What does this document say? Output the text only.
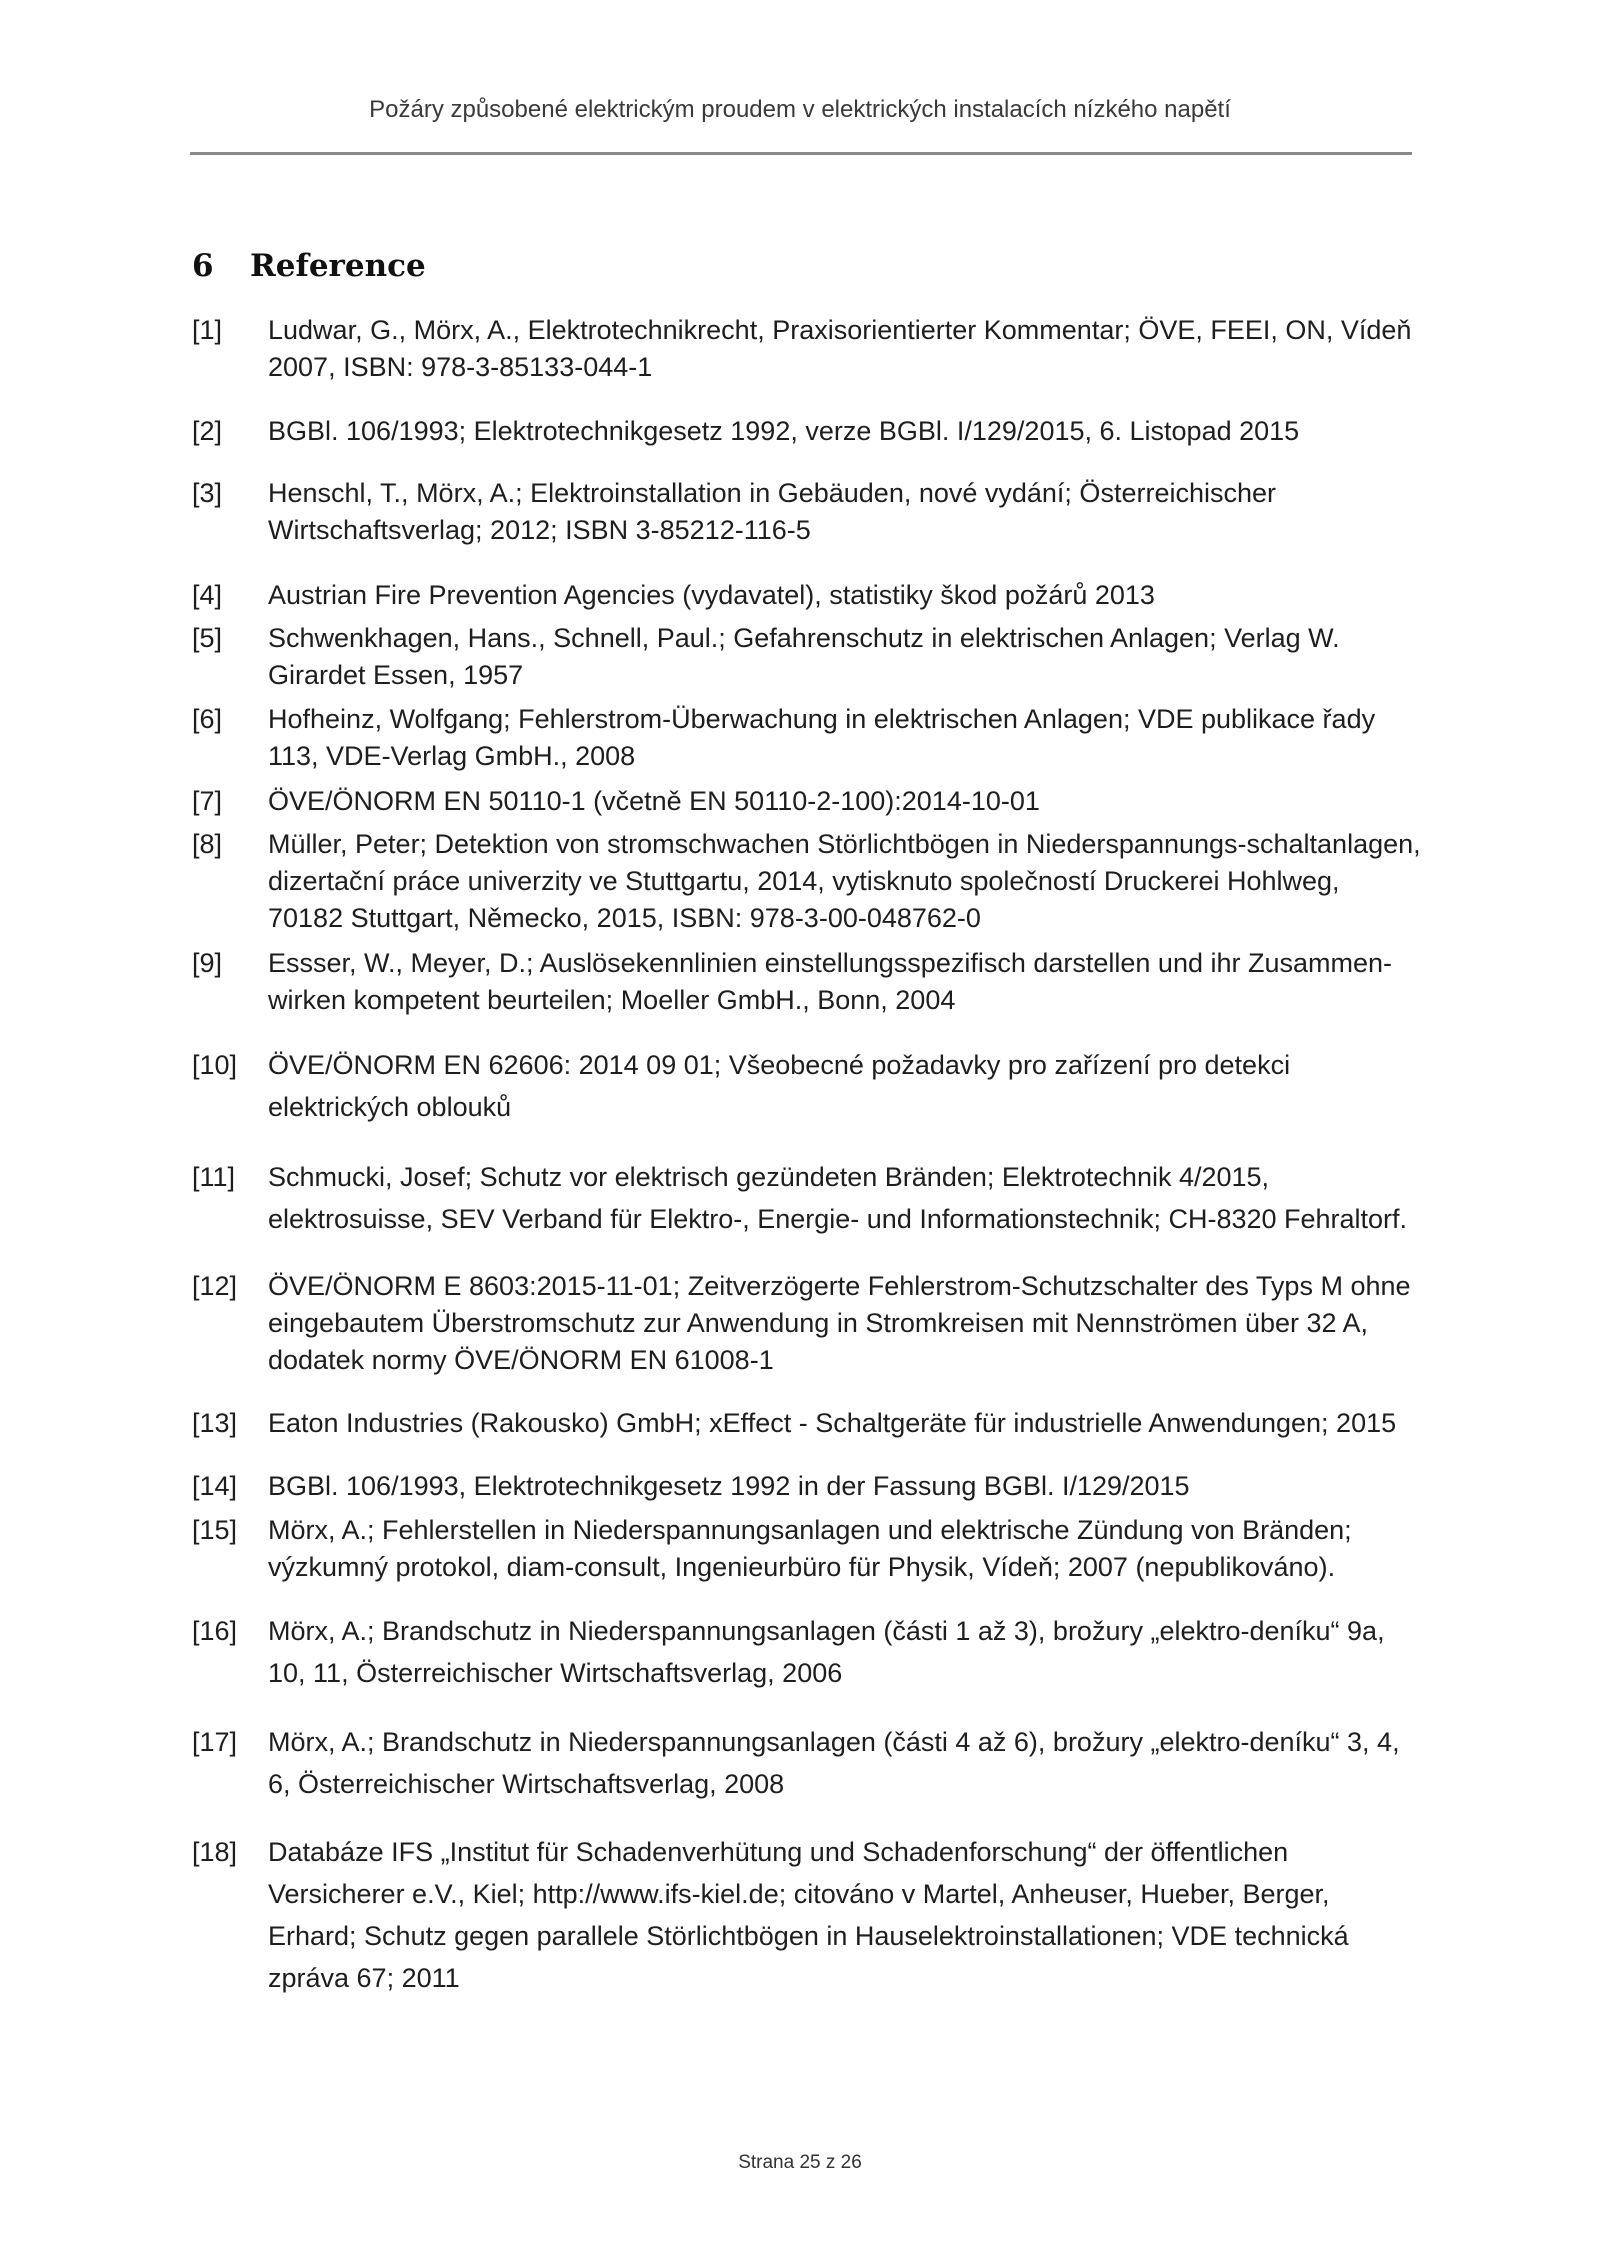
Požáry způsobené elektrickým proudem v elektrických instalacích nízkého napětí
6 Reference
[1] Ludwar, G., Mörx, A., Elektrotechnikrecht, Praxisorientierter Kommentar; ÖVE, FEEI, ON, Vídeň 2007, ISBN: 978-3-85133-044-1
[2] BGBl. 106/1993; Elektrotechnikgesetz 1992, verze BGBl. I/129/2015, 6. Listopad 2015
[3] Henschl, T., Mörx, A.; Elektroinstallation in Gebäuden, nové vydání; Österreichischer Wirtschaftsverlag; 2012; ISBN 3-85212-116-5
[4] Austrian Fire Prevention Agencies (vydavatel), statistiky škod požárů 2013
[5] Schwenkhagen, Hans., Schnell, Paul.; Gefahrenschutz in elektrischen Anlagen; Verlag W. Girardet Essen, 1957
[6] Hofheinz, Wolfgang; Fehlerstrom-Überwachung in elektrischen Anlagen; VDE publikace řady 113, VDE-Verlag GmbH., 2008
[7] ÖVE/ÖNORM EN 50110-1 (včetně EN 50110-2-100):2014-10-01
[8] Müller, Peter; Detektion von stromschwachen Störlichtbögen in Niederspannungs-schaltanlagen, dizertační práce univerzity ve Stuttgartu, 2014, vytisknuto společností Druckerei Hohlweg, 70182 Stuttgart, Německo, 2015, ISBN: 978-3-00-048762-0
[9] Essser, W., Meyer, D.; Auslösekennlinien einstellungsspezifisch darstellen und ihr Zusammen-wirken kompetent beurteilen; Moeller GmbH., Bonn, 2004
[10] ÖVE/ÖNORM EN 62606: 2014 09 01; Všeobecné požadavky pro zařízení pro detekci elektrických oblouků
[11] Schmucki, Josef; Schutz vor elektrisch gezündeten Bränden; Elektrotechnik 4/2015, elektrosuisse, SEV Verband für Elektro-, Energie- und Informationstechnik; CH-8320 Fehraltorf.
[12] ÖVE/ÖNORM E 8603:2015-11-01; Zeitverzögerte Fehlerstrom-Schutzschalter des Typs M ohne eingebautem Überstromschutz zur Anwendung in Stromkreisen mit Nennströmen über 32 A, dodatek normy ÖVE/ÖNORM EN 61008-1
[13] Eaton Industries (Rakousko) GmbH; xEffect - Schaltgeräte für industrielle Anwendungen; 2015
[14] BGBl. 106/1993, Elektrotechnikgesetz 1992 in der Fassung BGBl. I/129/2015
[15] Mörx, A.; Fehlerstellen in Niederspannungsanlagen und elektrische Zündung von Bränden; výzkumný protokol, diam-consult, Ingenieurbüro für Physik, Vídeň; 2007 (nepublikováno).
[16] Mörx, A.; Brandschutz in Niederspannungsanlagen (části 1 až 3), brožury „elektro-deníku“ 9a, 10, 11, Österreichischer Wirtschaftsverlag, 2006
[17] Mörx, A.; Brandschutz in Niederspannungsanlagen (části 4 až 6), brožury „elektro-deníku“ 3, 4, 6, Österreichischer Wirtschaftsverlag, 2008
[18] Databáze IFS „Institut für Schadenverhütung und Schadenforschung“ der öffentlichen Versicherer e.V., Kiel; http://www.ifs-kiel.de; citováno v Martel, Anheuser, Hueber, Berger, Erhard; Schutz gegen parallele Störlichtbögen in Hauselektroinstallationen; VDE technická zpráva 67; 2011
Strana 25 z 26
